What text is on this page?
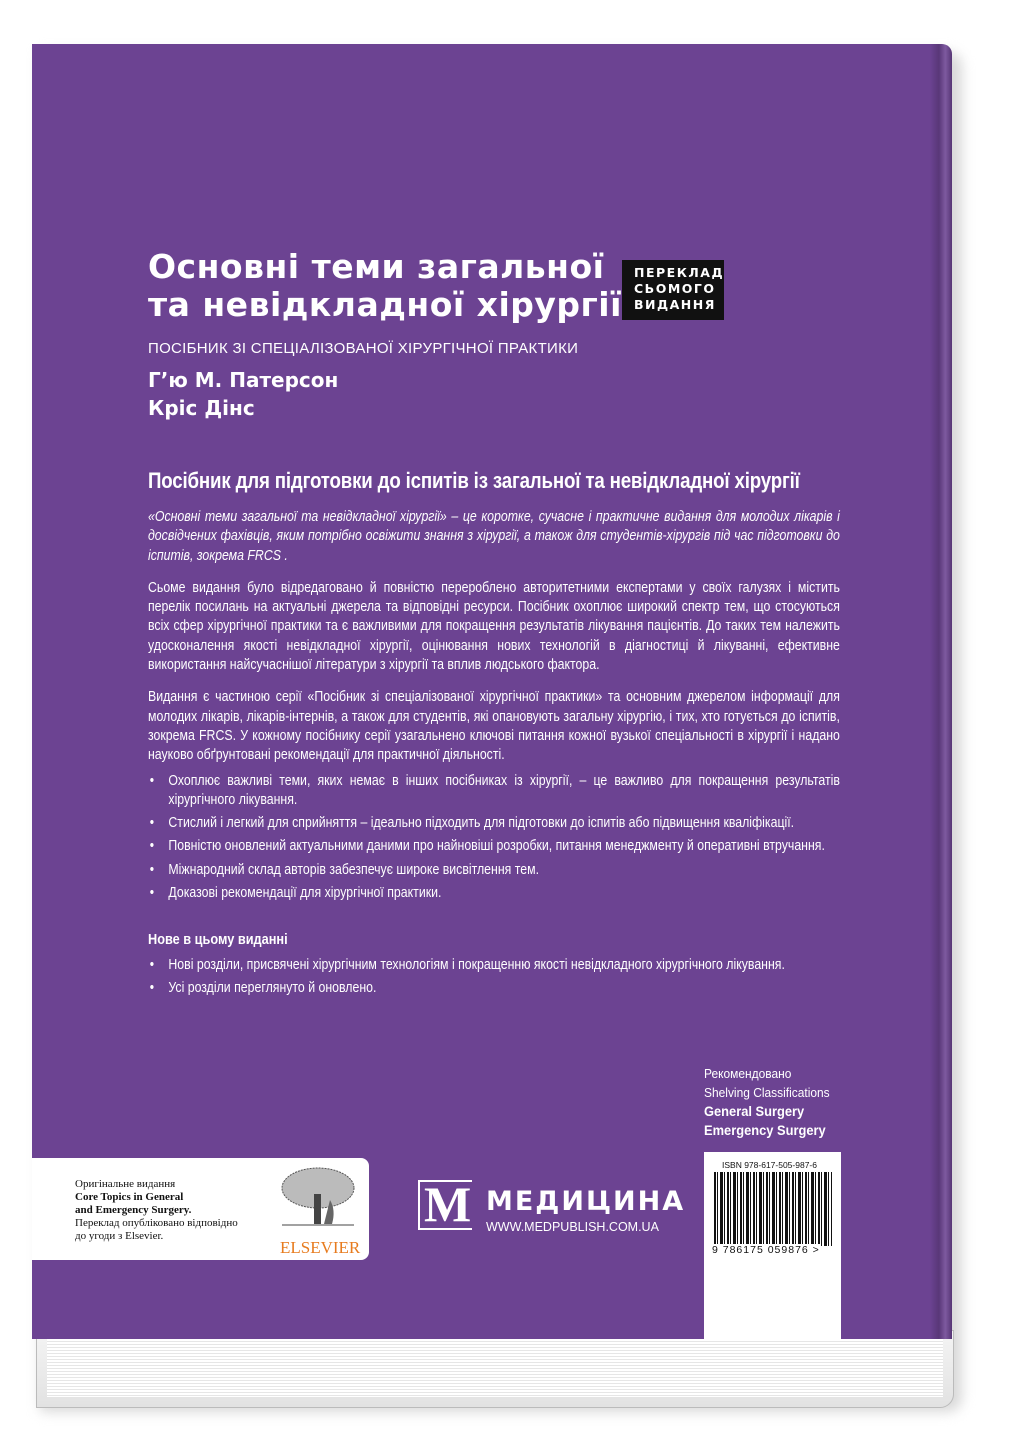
Основні теми загальної
та невідкладної хірургії
ПЕРЕКЛАД
СЬОМОГО
ВИДАННЯ
ПОСІБНИК ЗІ СПЕЦІАЛІЗОВАНОЇ ХІРУРГІЧНОЇ ПРАКТИКИ
Г’ю М. Патерсон
Кріс Дінс
Посібник для підготовки до іспитів із загальної та невідкладної хірургії

«Основні теми загальної та невідкладної хірургії» – це коротке, сучасне і практичне видання для молодих лікарів і досвідчених фахівців, яким потрібно освіжити знання з хірургії, а також для студентів-хірургів під час підготовки до іспитів, зокрема FRCS .

Сьоме видання було відредаговано й повністю перероблено авторитетними експертами у своїх галузях і містить перелік посилань на актуальні джерела та відповідні ресурси. Посібник охоплює широкий спектр тем, що стосуються всіх сфер хірургічної практики та є важливими для покращення результатів лікування пацієнтів. До таких тем належить удосконалення якості невідкладної хірургії, оцінювання нових технологій в діагностиці й лікуванні, ефективне використання найсучаснішої літератури з хірургії та вплив людського фактора.

Видання є частиною серії «Посібник зі спеціалізованої хірургічної практики» та основним джерелом інформації для молодих лікарів, лікарів-інтернів, а також для студентів, які опановують загальну хірургію, і тих, хто готується до іспитів, зокрема FRCS. У кожному посібнику серії узагальнено ключові питання кожної вузької спеціальності в хірургії і надано науково обґрунтовані рекомендації для практичної діяльності.

• Охоплює важливі теми, яких немає в інших посібниках із хірургії, – це важливо для покращення результатів хірургічного лікування.
• Стислий і легкий для сприйняття – ідеально підходить для підготовки до іспитів або підвищення кваліфікації.
• Повністю оновлений актуальними даними про найновіші розробки, питання менеджменту й оперативні втручання.
• Міжнародний склад авторів забезпечує широке висвітлення тем.
• Доказові рекомендації для хірургічної практики.
Нове в цьому виданні
• Нові розділи, присвячені хірургічним технологіям і покращенню якості невідкладного хірургічного лікування.
• Усі розділи переглянуто й оновлено.
Оригінальне видання
Core Topics in General
and Emergency Surgery.
Переклад опубліковано відповідно
до угоди з Elsevier.
ELSEVIER
M МЕДИЦИНА
WWW.MEDPUBLISH.COM.UA
Рекомендовано
Shelving Classifications
General Surgery
Emergency Surgery
ISBN 978-617-505-987-6
9 786175 059876 >
